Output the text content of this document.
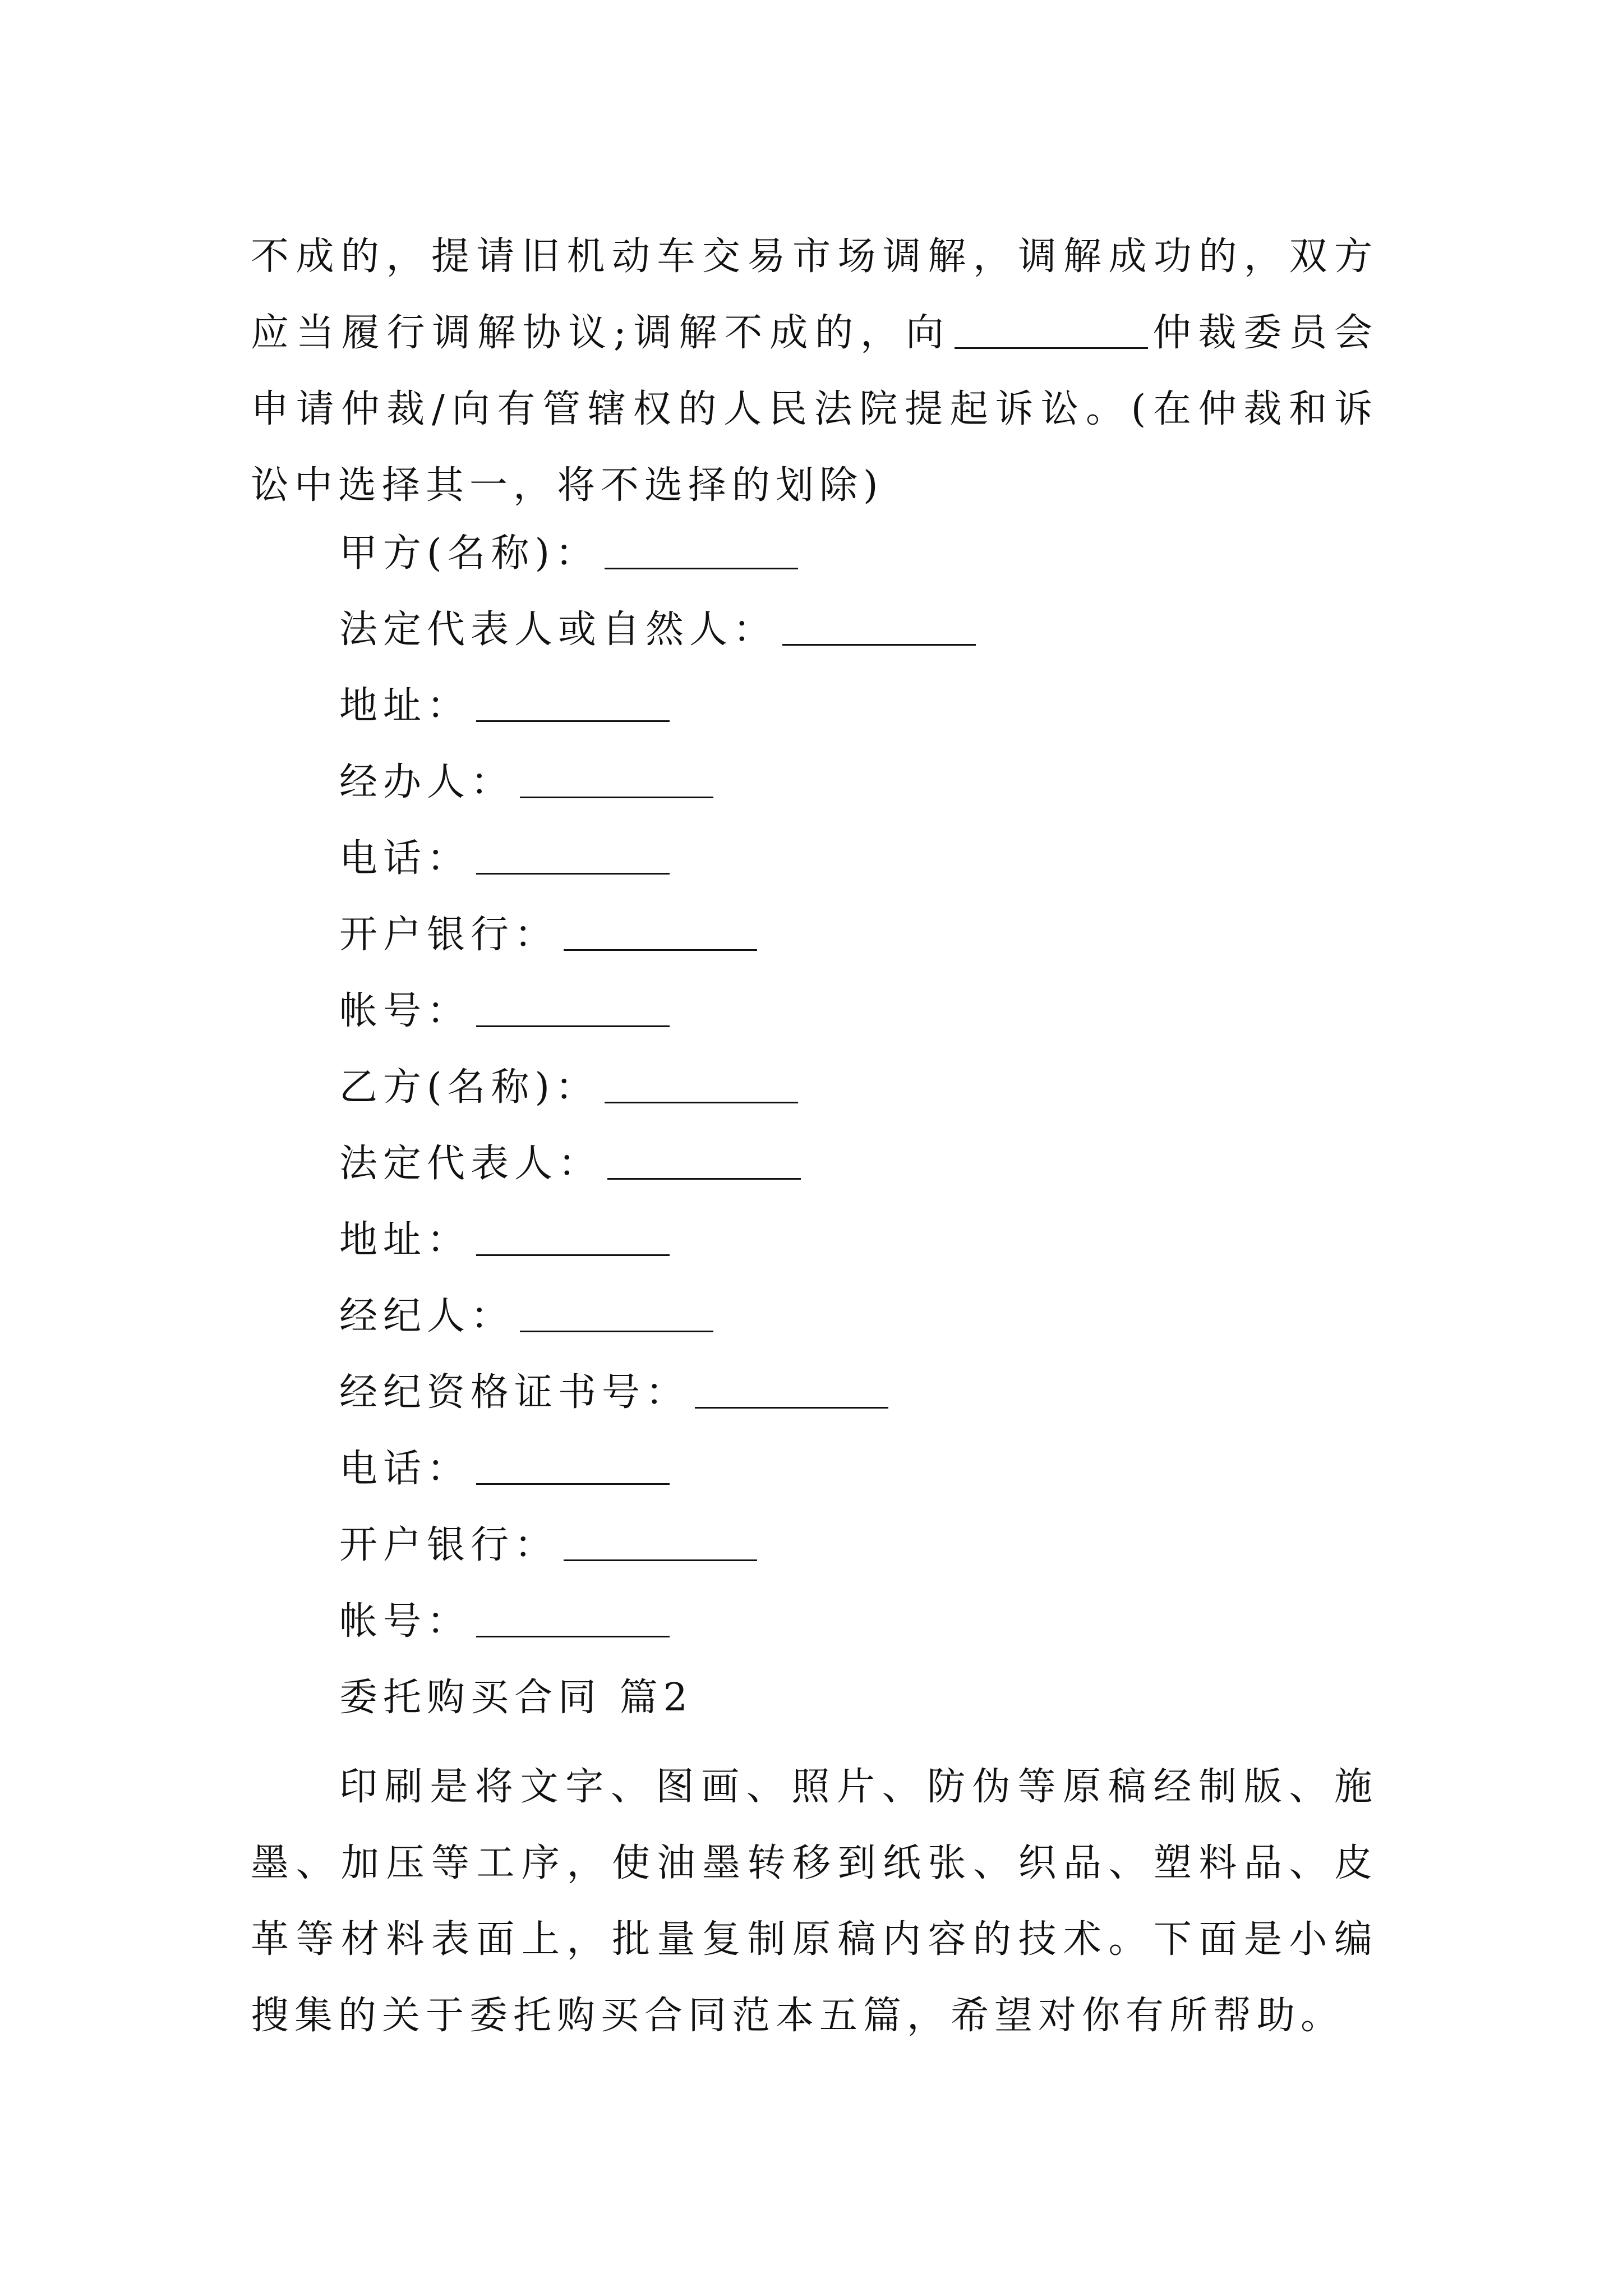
不成的，提请旧机动车交易市场调解，调解成功的，双方应当履行调解协议;调解不成的，向	仲裁委员会申请仲裁/向有管辖权的人民法院提起诉讼。(在仲裁和诉讼中选择其一，将不选择的划除)

甲方(名称)：
法定代表人或自然人：
地址：
经办人：
电话：
开户银行：
帐号：
乙方(名称)：
法定代表人：
地址：
经纪人：
经纪资格证书号：
电话：
开户银行：
帐号：
委托购买合同 篇2

印刷是将文字、图画、照片、防伪等原稿经制版、施墨、加压等工序，使油墨转移到纸张、织品、塑料品、皮革等材料表面上，批量复制原稿内容的技术。下面是小编搜集的关于委托购买合同范本五篇，希望对你有所帮助。
